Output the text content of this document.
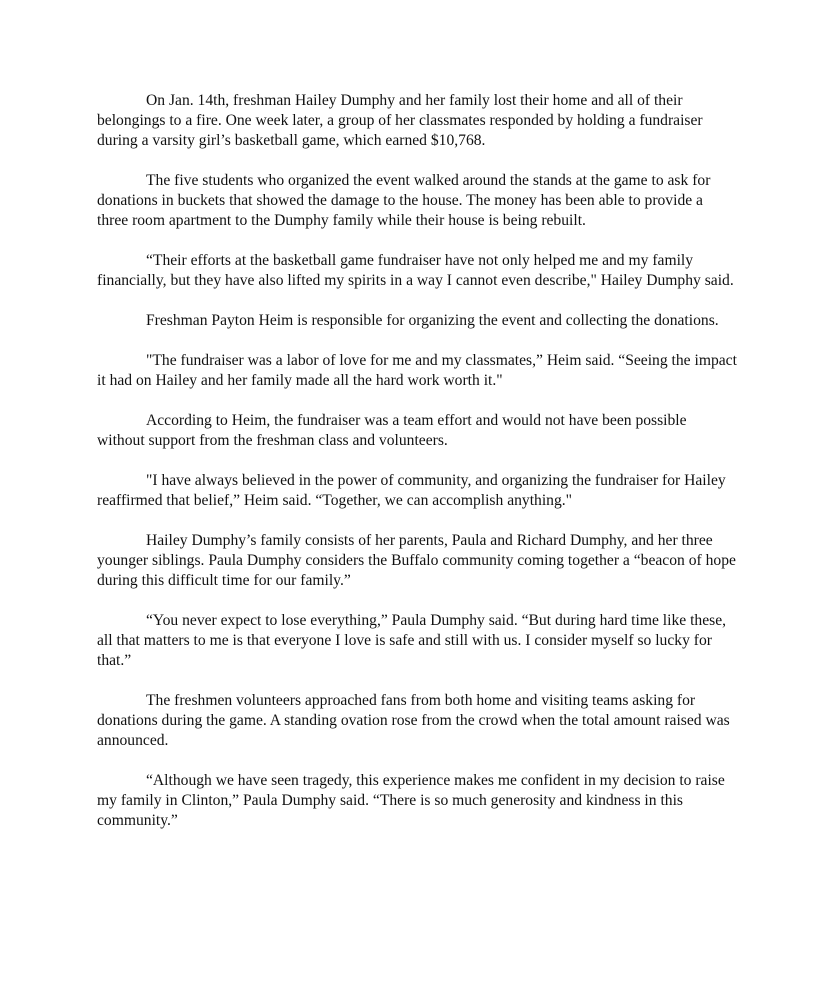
On Jan. 14th, freshman Hailey Dumphy and her family lost their home and all of their belongings to a fire. One week later, a group of her classmates responded by holding a fundraiser during a varsity girl’s basketball game, which earned $10,768.

The five students who organized the event walked around the stands at the game to ask for donations in buckets that showed the damage to the house. The money has been able to provide a three room apartment to the Dumphy family while their house is being rebuilt.

“Their efforts at the basketball game fundraiser have not only helped me and my family financially, but they have also lifted my spirits in a way I cannot even describe," Hailey Dumphy said.

Freshman Payton Heim is responsible for organizing the event and collecting the donations.

"The fundraiser was a labor of love for me and my classmates,” Heim said. “Seeing the impact it had on Hailey and her family made all the hard work worth it."

According to Heim, the fundraiser was a team effort and would not have been possible without support from the freshman class and volunteers.

"I have always believed in the power of community, and organizing the fundraiser for Hailey reaffirmed that belief,” Heim said. “Together, we can accomplish anything."

Hailey Dumphy’s family consists of her parents, Paula and Richard Dumphy, and her three younger siblings. Paula Dumphy considers the Buffalo community coming together a “beacon of hope during this difficult time for our family.”

“You never expect to lose everything,” Paula Dumphy said. “But during hard time like these, all that matters to me is that everyone I love is safe and still with us. I consider myself so lucky for that.”

The freshmen volunteers approached fans from both home and visiting teams asking for donations during the game. A standing ovation rose from the crowd when the total amount raised was announced.

“Although we have seen tragedy, this experience makes me confident in my decision to raise my family in Clinton,” Paula Dumphy said. “There is so much generosity and kindness in this community.”
